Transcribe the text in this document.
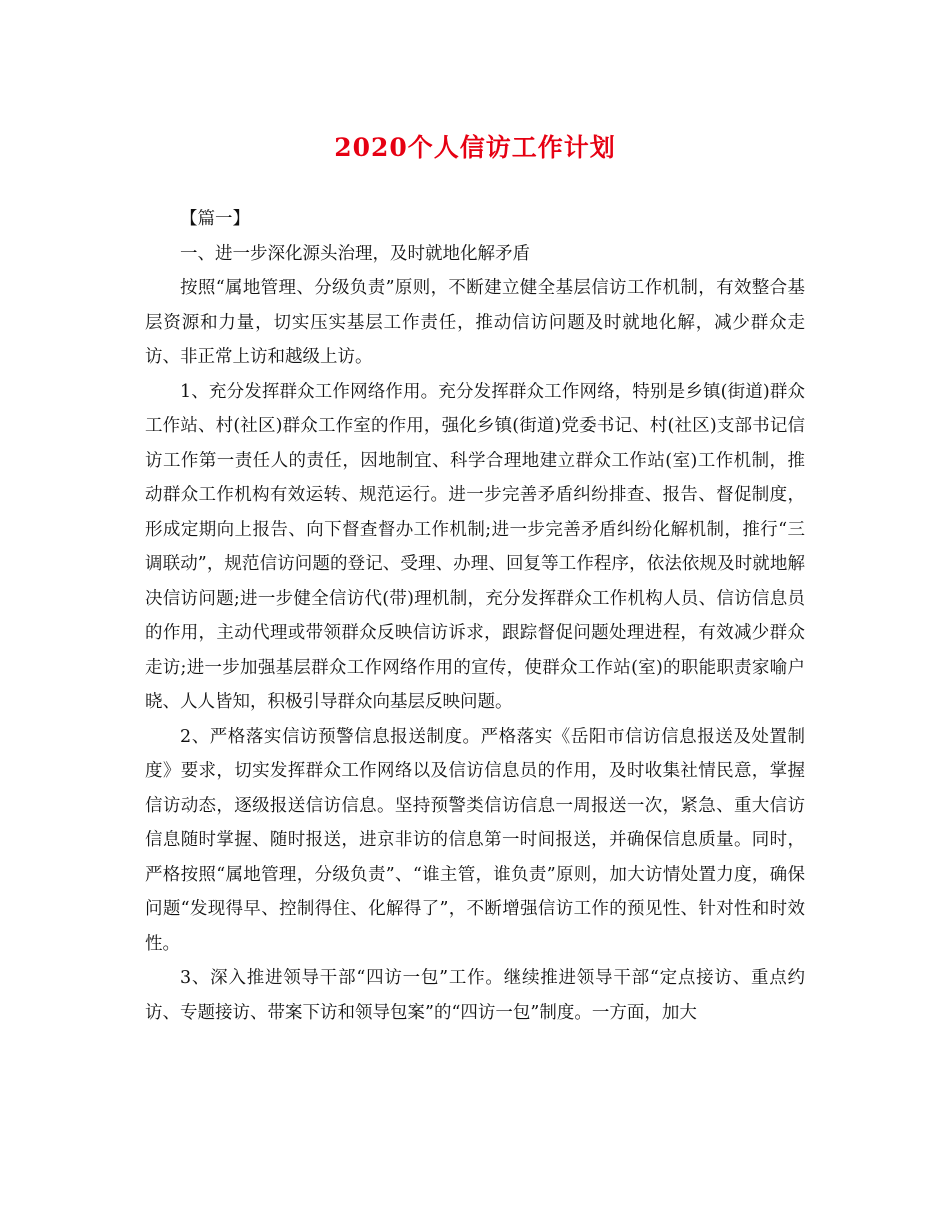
2020个人信访工作计划

【篇一】

一、进一步深化源头治理，及时就地化解矛盾

按照“属地管理、分级负责”原则，不断建立健全基层信访工作机制，有效整合基层资源和力量，切实压实基层工作责任，推动信访问题及时就地化解，减少群众走访、非正常上访和越级上访。

1、充分发挥群众工作网络作用。充分发挥群众工作网络，特别是乡镇(街道)群众工作站、村(社区)群众工作室的作用，强化乡镇(街道)党委书记、村(社区)支部书记信访工作第一责任人的责任，因地制宜、科学合理地建立群众工作站(室)工作机制，推动群众工作机构有效运转、规范运行。进一步完善矛盾纠纷排查、报告、督促制度，形成定期向上报告、向下督查督办工作机制;进一步完善矛盾纠纷化解机制，推行“三调联动”，规范信访问题的登记、受理、办理、回复等工作程序，依法依规及时就地解决信访问题;进一步健全信访代(带)理机制，充分发挥群众工作机构人员、信访信息员的作用，主动代理或带领群众反映信访诉求，跟踪督促问题处理进程，有效减少群众走访;进一步加强基层群众工作网络作用的宣传，使群众工作站(室)的职能职责家喻户晓、人人皆知，积极引导群众向基层反映问题。

2、严格落实信访预警信息报送制度。严格落实《岳阳市信访信息报送及处置制度》要求，切实发挥群众工作网络以及信访信息员的作用，及时收集社情民意，掌握信访动态，逐级报送信访信息。坚持预警类信访信息一周报送一次，紧急、重大信访信息随时掌握、随时报送，进京非访的信息第一时间报送，并确保信息质量。同时，严格按照“属地管理，分级负责”、“谁主管，谁负责”原则，加大访情处置力度，确保问题“发现得早、控制得住、化解得了”，不断增强信访工作的预见性、针对性和时效性。

3、深入推进领导干部“四访一包”工作。继续推进领导干部“定点接访、重点约访、专题接访、带案下访和领导包案”的“四访一包”制度。一方面，加大
